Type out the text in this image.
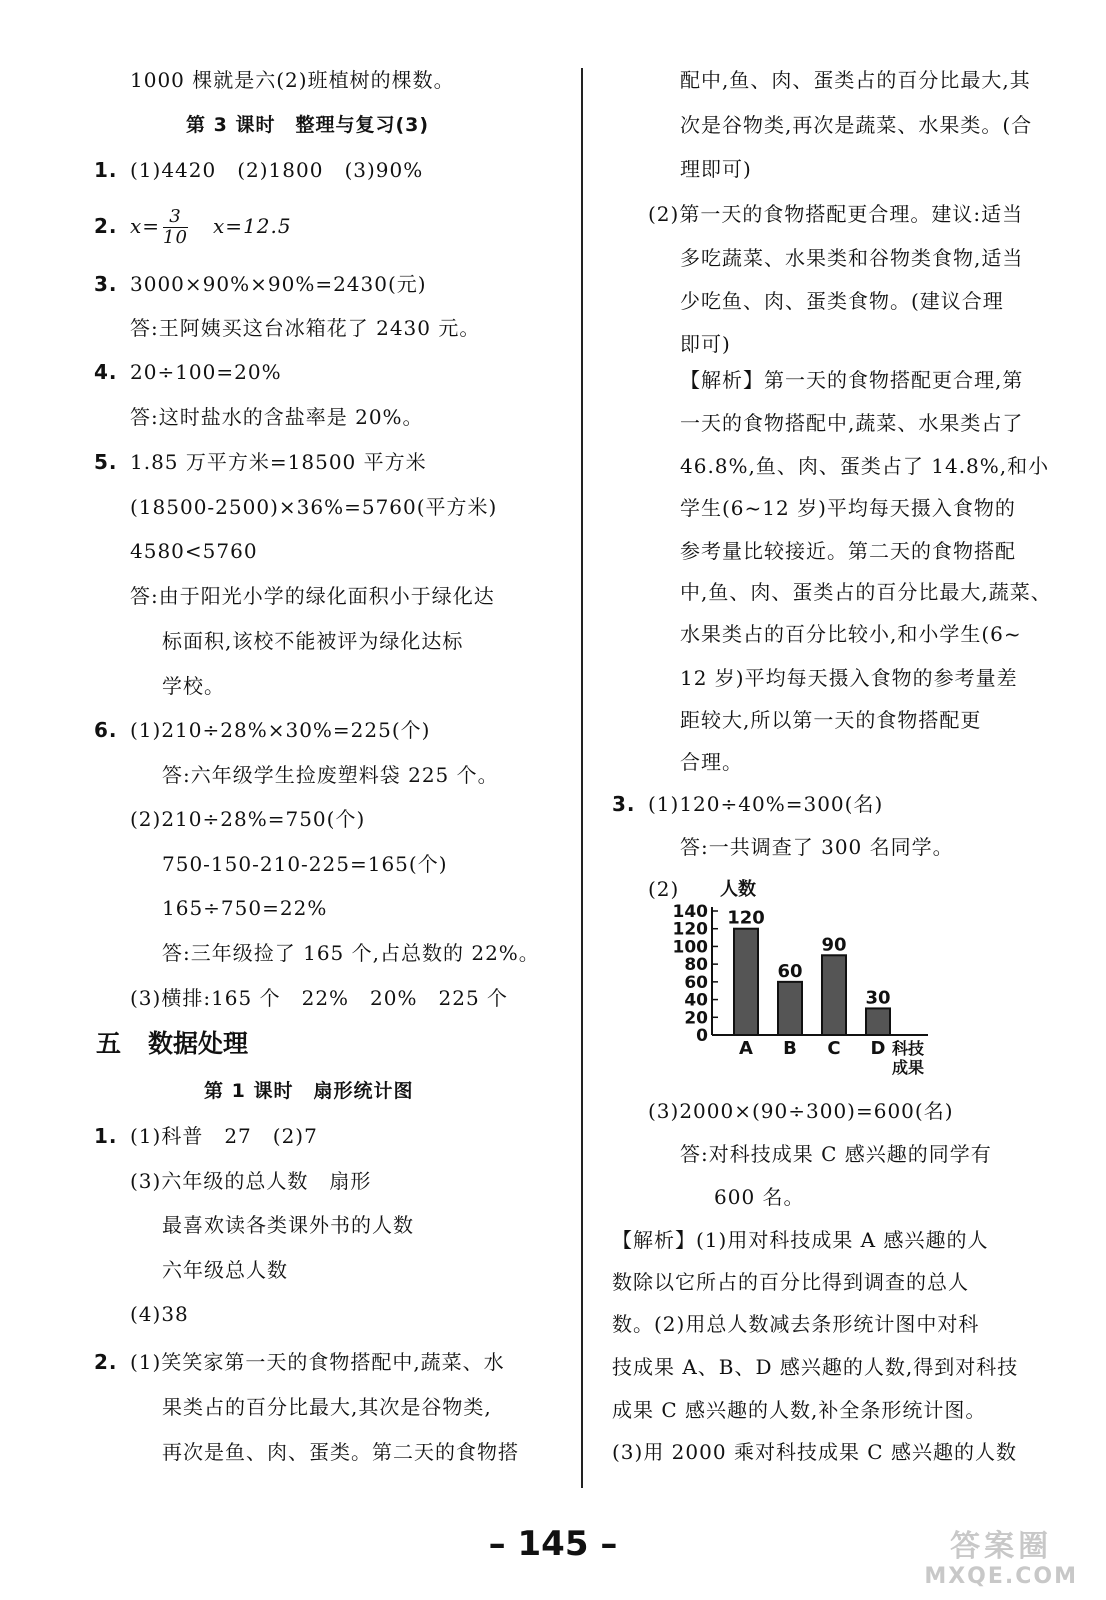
1000 棵就是六(2)班植树的棵数。
第 3 课时　整理与复习(3)
1. (1)4420　(2)1800　(3)90%
2. $x= \frac{3}{10} x=12.5$
3. 3000×90%×90%=2430(元)
答:王阿姨买这台冰箱花了 2430 元。
4. 20÷100=20%
答:这时盐水的含盐率是 20%。
5. 1.85 万平方米=18500 平方米
(18500-2500)×36%=5760(平方米)
4580<5760
答:由于阳光小学的绿化面积小于绿化达
标面积,该校不能被评为绿化达标
学校。
6. (1)210÷28%×30%=225(个)
答:六年级学生捡废塑料袋 225 个。
(2)210÷28%=750(个)
750-150-210-225=165(个)
165÷750=22%
答:三年级捡了 165 个,占总数的 22%。
(3)横排:165 个　22%　20%　225 个
五 数据处理
第 1 课时　扇形统计图
1. (1)科普　27　(2)7
(3)六年级的总人数　扇形
最喜欢读各类课外书的人数
六年级总人数
(4)38
2. (1)笑笑家第一天的食物搭配中,蔬菜、水
果类占的百分比最大,其次是谷物类,
再次是鱼、肉、蛋类。第二天的食物搭
配中,鱼、肉、蛋类占的百分比最大,其
次是谷物类,再次是蔬菜、水果类。(合
理即可)
(2)第一天的食物搭配更合理。建议:适当
多吃蔬菜、水果类和谷物类食物,适当
少吃鱼、肉、蛋类食物。(建议合理
即可)
【解析】第一天的食物搭配更合理,第
一天的食物搭配中,蔬菜、水果类占了
46.8%,鱼、肉、蛋类占了 14.8%,和小
学生(6~12 岁)平均每天摄入食物的
参考量比较接近。第二天的食物搭配
中,鱼、肉、蛋类占的百分比最大,蔬菜、
水果类占的百分比较小,和小学生(6~
12 岁)平均每天摄入食物的参考量差
距较大,所以第一天的食物搭配更
合理。
3. (1)120÷40%=300(名)
答:一共调查了 300 名同学。
(2) 人数
140
120
100
80
60
40
20
0
120
A
60
B
90
C
30
D 科技
成果
(3)2000×(90÷300)=600(名)
答:对科技成果 C 感兴趣的同学有
600 名。
【解析】(1)用对科技成果 A 感兴趣的人
数除以它所占的百分比得到调查的总人
数。(2)用总人数减去条形统计图中对科
技成果 A、B、D 感兴趣的人数,得到对科技
成果 C 感兴趣的人数,补全条形统计图。
(3)用 2000 乘对科技成果 C 感兴趣的人数
– 145 –	答案圈
MXQE.COM
